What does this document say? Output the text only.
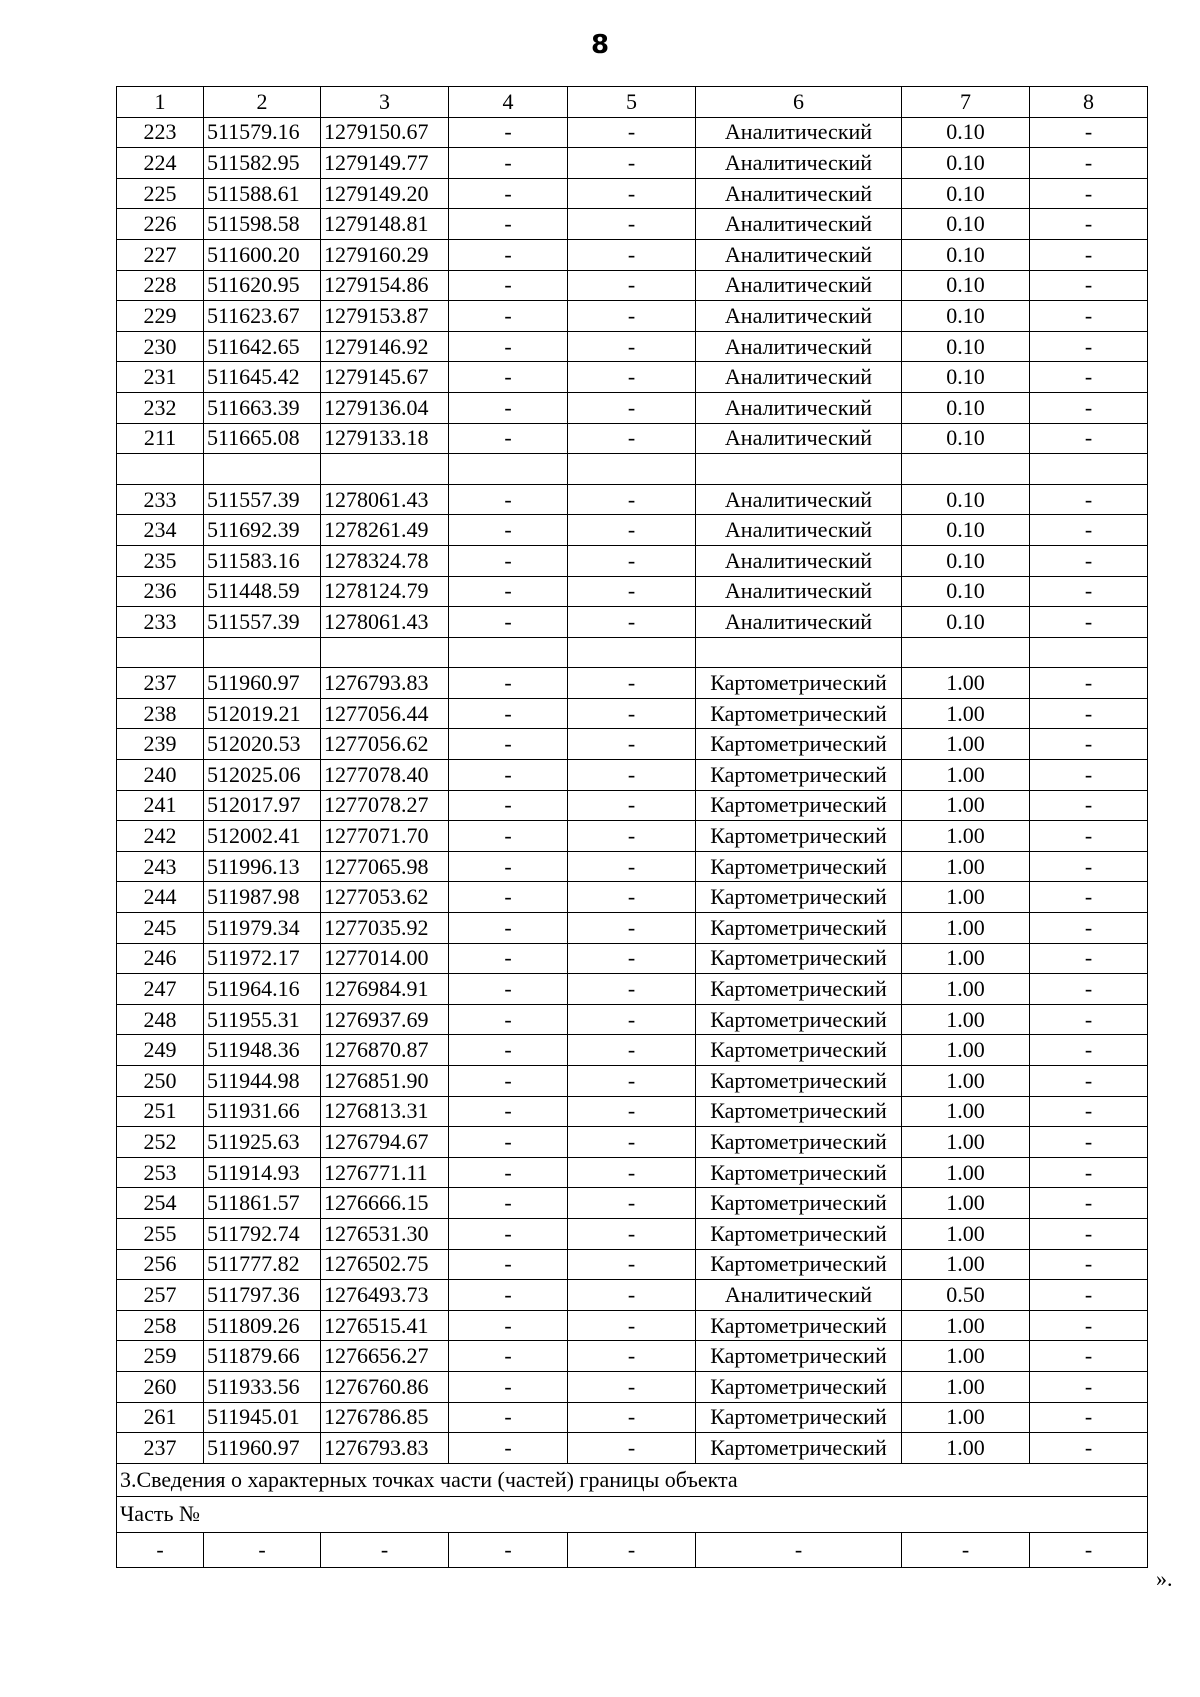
8
1	2	3	4	5	6	7	8
223	511579.16	1279150.67	-	-	Аналитический	0.10	-
224	511582.95	1279149.77	-	-	Аналитический	0.10	-
225	511588.61	1279149.20	-	-	Аналитический	0.10	-
226	511598.58	1279148.81	-	-	Аналитический	0.10	-
227	511600.20	1279160.29	-	-	Аналитический	0.10	-
228	511620.95	1279154.86	-	-	Аналитический	0.10	-
229	511623.67	1279153.87	-	-	Аналитический	0.10	-
230	511642.65	1279146.92	-	-	Аналитический	0.10	-
231	511645.42	1279145.67	-	-	Аналитический	0.10	-
232	511663.39	1279136.04	-	-	Аналитический	0.10	-
211	511665.08	1279133.18	-	-	Аналитический	0.10	-

233	511557.39	1278061.43	-	-	Аналитический	0.10	-
234	511692.39	1278261.49	-	-	Аналитический	0.10	-
235	511583.16	1278324.78	-	-	Аналитический	0.10	-
236	511448.59	1278124.79	-	-	Аналитический	0.10	-
233	511557.39	1278061.43	-	-	Аналитический	0.10	-

237	511960.97	1276793.83	-	-	Картометрический	1.00	-
238	512019.21	1277056.44	-	-	Картометрический	1.00	-
239	512020.53	1277056.62	-	-	Картометрический	1.00	-
240	512025.06	1277078.40	-	-	Картометрический	1.00	-
241	512017.97	1277078.27	-	-	Картометрический	1.00	-
242	512002.41	1277071.70	-	-	Картометрический	1.00	-
243	511996.13	1277065.98	-	-	Картометрический	1.00	-
244	511987.98	1277053.62	-	-	Картометрический	1.00	-
245	511979.34	1277035.92	-	-	Картометрический	1.00	-
246	511972.17	1277014.00	-	-	Картометрический	1.00	-
247	511964.16	1276984.91	-	-	Картометрический	1.00	-
248	511955.31	1276937.69	-	-	Картометрический	1.00	-
249	511948.36	1276870.87	-	-	Картометрический	1.00	-
250	511944.98	1276851.90	-	-	Картометрический	1.00	-
251	511931.66	1276813.31	-	-	Картометрический	1.00	-
252	511925.63	1276794.67	-	-	Картометрический	1.00	-
253	511914.93	1276771.11	-	-	Картометрический	1.00	-
254	511861.57	1276666.15	-	-	Картометрический	1.00	-
255	511792.74	1276531.30	-	-	Картометрический	1.00	-
256	511777.82	1276502.75	-	-	Картометрический	1.00	-
257	511797.36	1276493.73	-	-	Аналитический	0.50	-
258	511809.26	1276515.41	-	-	Картометрический	1.00	-
259	511879.66	1276656.27	-	-	Картометрический	1.00	-
260	511933.56	1276760.86	-	-	Картометрический	1.00	-
261	511945.01	1276786.85	-	-	Картометрический	1.00	-
237	511960.97	1276793.83	-	-	Картометрический	1.00	-
3.Сведения о характерных точках части (частей) границы объекта							
Часть №							
-	-	-	-	-	-	-	-
».
